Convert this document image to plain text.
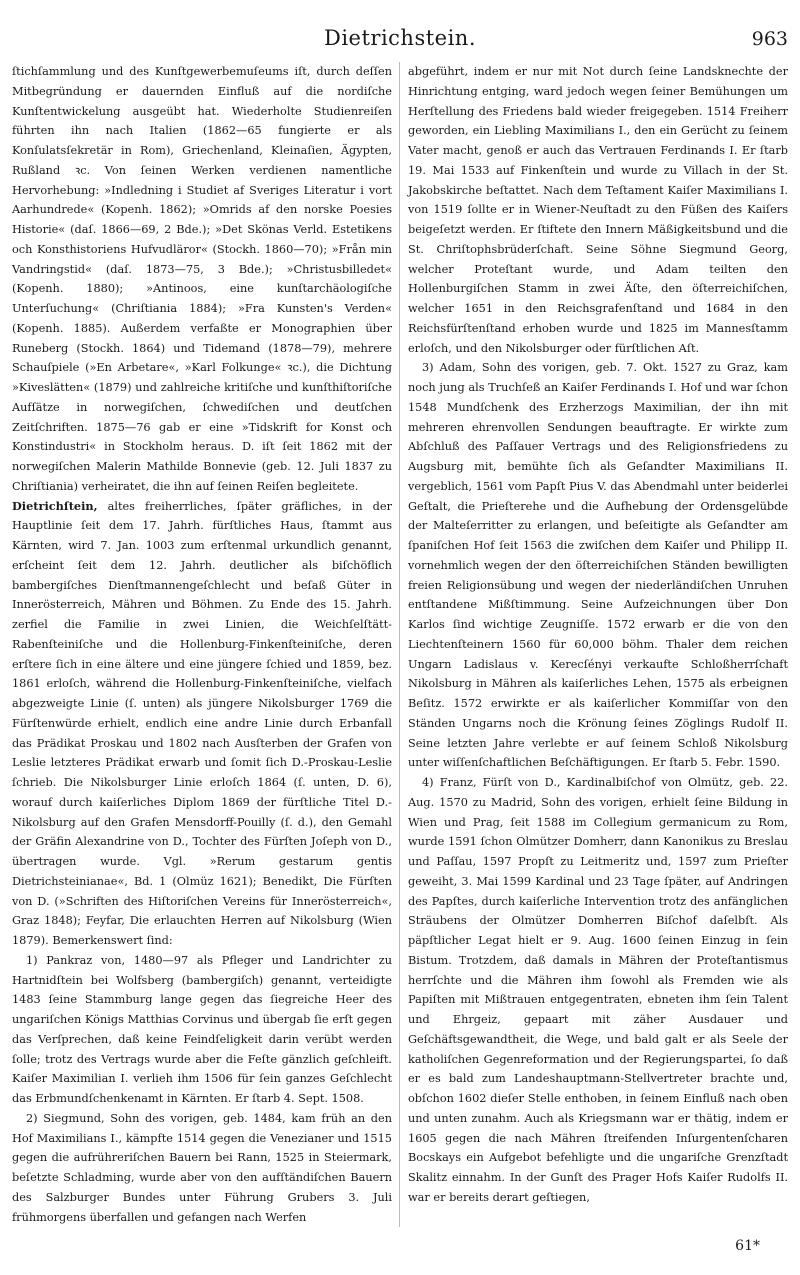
Dietrichstein.	963

ſtichſammlung und des Kunſtgewerbemuſeums iſt, durch deſſen Mitbegründung er dauernden Einfluß auf die nordiſche Kunſtentwickelung ausgeübt hat. Wiederholte Studienreiſen führten ihn nach Italien (1862—65 fungierte er als Konſulatsſekretär in Rom), Griechenland, Kleinaſien, Ägypten, Rußland ꝛc. Von ſeinen Werken verdienen namentliche Hervorhebung: »Indledning i Studiet af Sveriges Literatur i vort Aarhundrede« (Kopenh. 1862); »Omrids af den norske Poesies Historie« (daſ. 1866—69, 2 Bde.); »Det Skönas Verld. Estetikens och Konsthistoriens Hufvudläror« (Stockh. 1860—70); »Från min Vandringstid« (daſ. 1873—75, 3 Bde.); »Christusbilledet« (Kopenh. 1880); »Antinoos, eine kunſtarchäologiſche Unterſuchung« (Chriſtiania 1884); »Fra Kunsten's Verden« (Kopenh. 1885). Außerdem verfaßte er Monographien über Runeberg (Stockh. 1864) und Tidemand (1878—79), mehrere Schauſpiele (»En Arbetare«, »Karl Folkunge« ꝛc.), die Dichtung »Kiveslätten« (1879) und zahlreiche kritiſche und kunſthiſtoriſche Aufſätze in norwegiſchen, ſchwediſchen und deutſchen Zeitſchriften. 1875—76 gab er eine »Tidskrift for Konst och Konstindustri« in Stockholm heraus. D. iſt ſeit 1862 mit der norwegiſchen Malerin Mathilde Bonnevie (geb. 12. Juli 1837 zu Chriſtiania) verheiratet, die ihn auf ſeinen Reiſen begleitete.

Dietrichſtein, altes freiherrliches, ſpäter gräfliches, in der Hauptlinie ſeit dem 17. Jahrh. fürſtliches Haus, ſtammt aus Kärnten, wird 7. Jan. 1003 zum erſtenmal urkundlich genannt, erſcheint ſeit dem 12. Jahrh. deutlicher als biſchöflich bambergiſches Dienſtmannengeſchlecht und beſaß Güter in Innerösterreich, Mähren und Böhmen. Zu Ende des 15. Jahrh. zerfiel die Familie in zwei Linien, die Weichſelſtätt-Rabenſteiniſche und die Hollenburg-Finkenſteiniſche, deren erſtere ſich in eine ältere und eine jüngere ſchied und 1859, bez. 1861 erloſch, während die Hollenburg-Finkenſteiniſche, vielfach abgezweigte Linie (ſ. unten) als jüngere Nikolsburger 1769 die Fürſtenwürde erhielt, endlich eine andre Linie durch Erbanfall das Prädikat Proskau und 1802 nach Ausſterben der Grafen von Leslie letzteres Prädikat erwarb und ſomit ſich D.-Proskau-Leslie ſchrieb. Die Nikolsburger Linie erloſch 1864 (ſ. unten, D. 6), worauf durch kaiſerliches Diplom 1869 der fürſtliche Titel D.-Nikolsburg auf den Grafen Mensdorff-Pouilly (ſ. d.), den Gemahl der Gräfin Alexandrine von D., Tochter des Fürſten Joſeph von D., übertragen wurde. Vgl. »Rerum gestarum gentis Dietrichsteinianae«, Bd. 1 (Olmüz 1621); Benedikt, Die Fürſten von D. (»Schriften des Hiſtoriſchen Vereins für Innerösterreich«, Graz 1848); Feyfar, Die erlauchten Herren auf Nikolsburg (Wien 1879). Bemerkenswert ſind:

1) Pankraz von, 1480—97 als Pfleger und Landrichter zu Hartnidſtein bei Wolfsberg (bambergiſch) genannt, verteidigte 1483 ſeine Stammburg lange gegen das ſiegreiche Heer des ungariſchen Königs Matthias Corvinus und übergab ſie erſt gegen das Verſprechen, daß keine Feindſeligkeit darin verübt werden ſolle; trotz des Vertrags wurde aber die Feſte gänzlich geſchleift. Kaiſer Maximilian I. verlieh ihm 1506 für ſein ganzes Geſchlecht das Erbmundſchenkenamt in Kärnten. Er ſtarb 4. Sept. 1508.

2) Siegmund, Sohn des vorigen, geb. 1484, kam früh an den Hof Maximilians I., kämpfte 1514 gegen die Venezianer und 1515 gegen die aufrühreriſchen Bauern bei Rann, 1525 in Steiermark, beſetzte Schladming, wurde aber von den aufſtändiſchen Bauern des Salzburger Bundes unter Führung Grubers 3. Juli frühmorgens überfallen und gefangen nach Werfen

abgeführt, indem er nur mit Not durch ſeine Landsknechte der Hinrichtung entging, ward jedoch wegen ſeiner Bemühungen um Herſtellung des Friedens bald wieder freigegeben. 1514 Freiherr geworden, ein Liebling Maximilians I., den ein Gerücht zu ſeinem Vater macht, genoß er auch das Vertrauen Ferdinands I. Er ſtarb 19. Mai 1533 auf Finkenſtein und wurde zu Villach in der St. Jakobskirche beſtattet. Nach dem Teſtament Kaiſer Maximilians I. von 1519 ſollte er in Wiener-Neuſtadt zu den Füßen des Kaiſers beigeſetzt werden. Er ſtiftete den Innern Mäßigkeitsbund und die St. Chriſtophsbrüderſchaft. Seine Söhne Siegmund Georg, welcher Proteſtant wurde, und Adam teilten den Hollenburgiſchen Stamm in zwei Äſte, den öſterreichiſchen, welcher 1651 in den Reichsgrafenſtand und 1684 in den Reichsfürſtenſtand erhoben wurde und 1825 im Mannesſtamm erloſch, und den Nikolsburger oder fürſtlichen Aſt.

3) Adam, Sohn des vorigen, geb. 7. Okt. 1527 zu Graz, kam noch jung als Truchſeß an Kaiſer Ferdinands I. Hof und war ſchon 1548 Mundſchenk des Erzherzogs Maximilian, der ihn mit mehreren ehrenvollen Sendungen beauftragte. Er wirkte zum Abſchluß des Paſſauer Vertrags und des Religionsfriedens zu Augsburg mit, bemühte ſich als Geſandter Maximilians II. vergeblich, 1561 vom Papſt Pius V. das Abendmahl unter beiderlei Geſtalt, die Prieſterehe und die Aufhebung der Ordensgelübde der Malteſerritter zu erlangen, und beſeitigte als Geſandter am ſpaniſchen Hof ſeit 1563 die zwiſchen dem Kaiſer und Philipp II. vornehmlich wegen der den öſterreichiſchen Ständen bewilligten freien Religionsübung und wegen der niederländiſchen Unruhen entſtandene Mißſtimmung. Seine Aufzeichnungen über Don Karlos ſind wichtige Zeugniſſe. 1572 erwarb er die von den Liechtenſteinern 1560 für 60,000 böhm. Thaler dem reichen Ungarn Ladislaus v. Kerecſényi verkaufte Schloßherrſchaft Nikolsburg in Mähren als kaiſerliches Lehen, 1575 als erbeignen Beſitz. 1572 erwirkte er als kaiſerlicher Kommiſſar von den Ständen Ungarns noch die Krönung ſeines Zöglings Rudolf II. Seine letzten Jahre verlebte er auf ſeinem Schloß Nikolsburg unter wiſſenſchaftlichen Beſchäftigungen. Er ſtarb 5. Febr. 1590.

4) Franz, Fürſt von D., Kardinalbiſchof von Olmütz, geb. 22. Aug. 1570 zu Madrid, Sohn des vorigen, erhielt ſeine Bildung in Wien und Prag, ſeit 1588 im Collegium germanicum zu Rom, wurde 1591 ſchon Olmützer Domherr, dann Kanonikus zu Breslau und Paſſau, 1597 Propſt zu Leitmeritz und, 1597 zum Prieſter geweiht, 3. Mai 1599 Kardinal und 23 Tage ſpäter, auf Andringen des Papſtes, durch kaiſerliche Intervention trotz des anfänglichen Sträubens der Olmützer Domherren Biſchof daſelbſt. Als päpſtlicher Legat hielt er 9. Aug. 1600 ſeinen Einzug in ſein Bistum. Trotzdem, daß damals in Mähren der Proteſtantismus herrſchte und die Mähren ihm ſowohl als Fremden wie als Papiſten mit Mißtrauen entgegentraten, ebneten ihm ſein Talent und Ehrgeiz, gepaart mit zäher Ausdauer und Geſchäftsgewandtheit, die Wege, und bald galt er als Seele der katholiſchen Gegenreformation und der Regierungspartei, ſo daß er es bald zum Landeshauptmann-Stellvertreter brachte und, obſchon 1602 dieſer Stelle enthoben, in ſeinem Einfluß nach oben und unten zunahm. Auch als Kriegsmann war er thätig, indem er 1605 gegen die nach Mähren ſtreifenden Inſurgentenſcharen Bocskays ein Aufgebot befehligte und die ungariſche Grenzſtadt Skalitz einnahm. In der Gunſt des Prager Hofs Kaiſer Rudolfs II. war er bereits derart geſtiegen,

61*
